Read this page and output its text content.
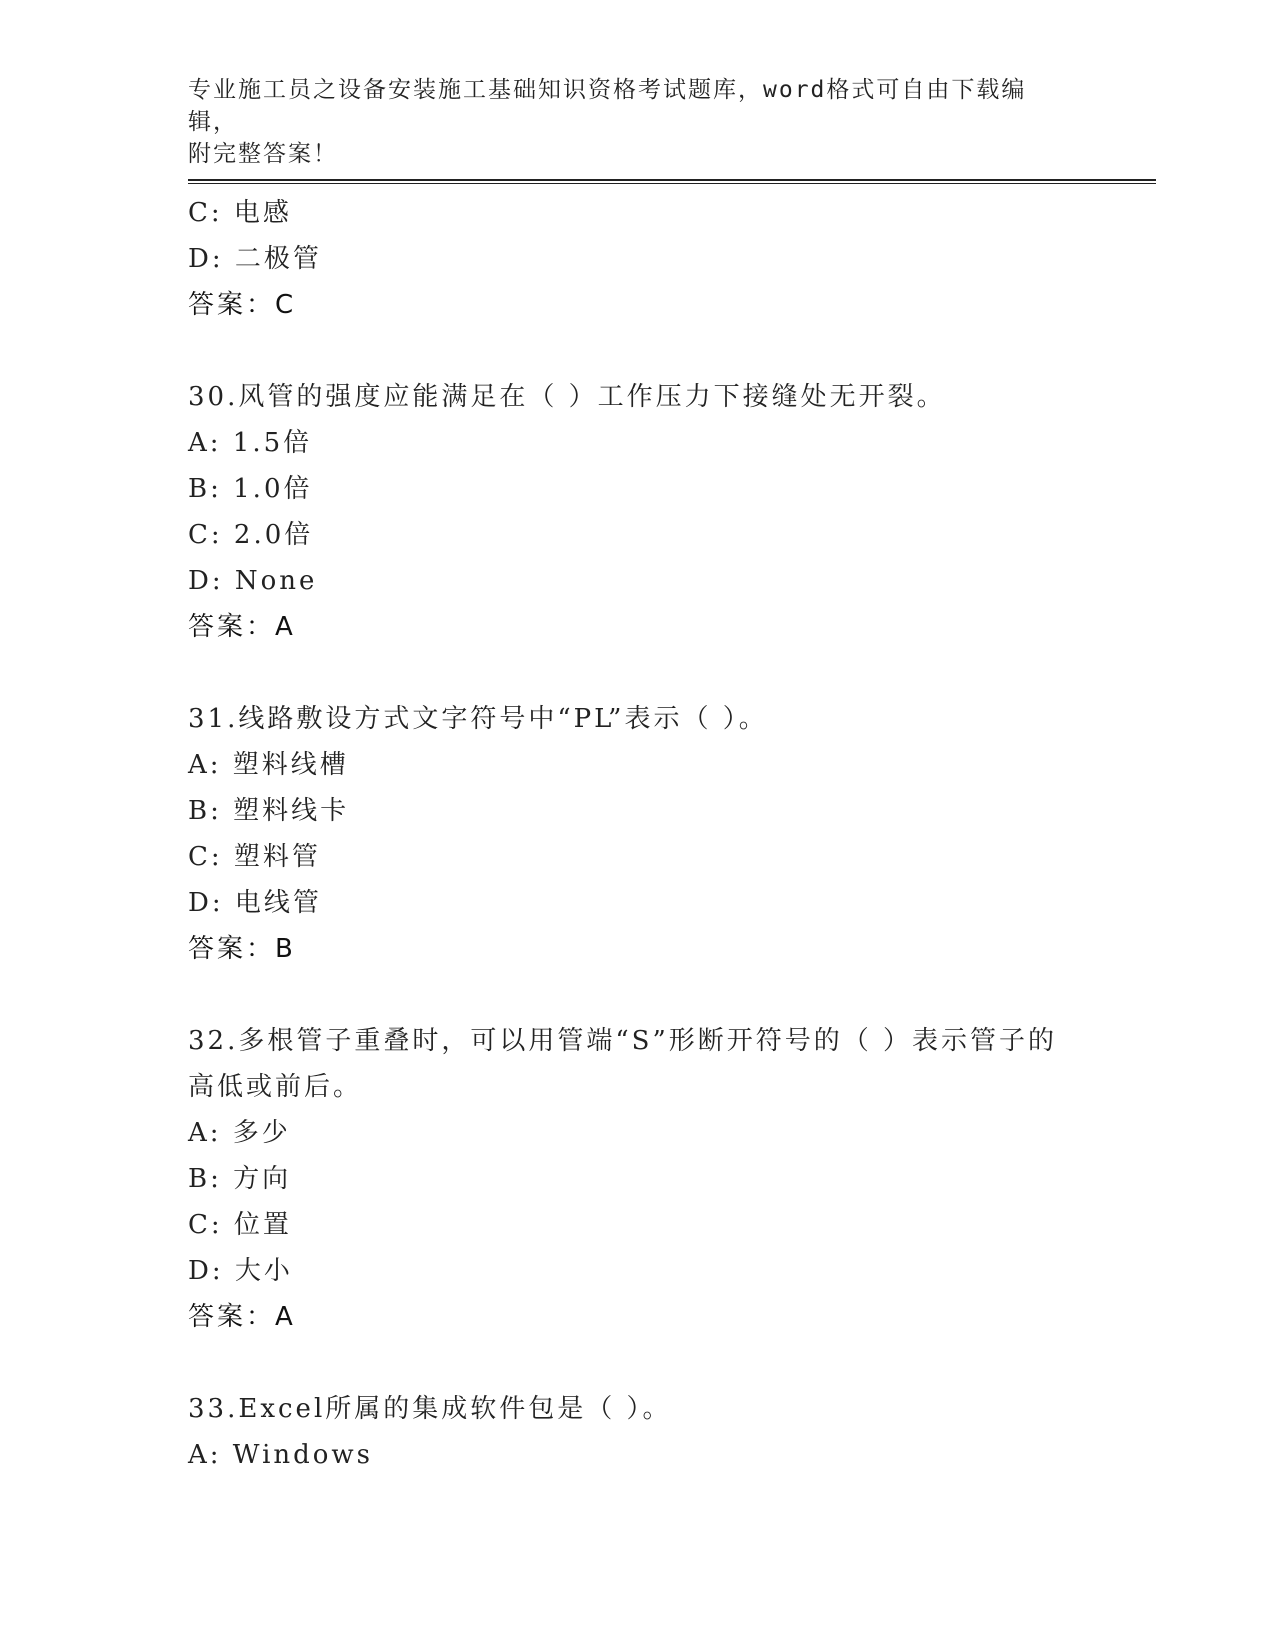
专业施工员之设备安装施工基础知识资格考试题库，word格式可自由下载编辑，
附完整答案！
C: 电感
D: 二极管
答案：C
30.风管的强度应能满足在（ ）工作压力下接缝处无开裂。
A: 1.5倍
B: 1.0倍
C: 2.0倍
D: None
答案：A
31.线路敷设方式文字符号中“PL”表示（ ）。
A: 塑料线槽
B: 塑料线卡
C: 塑料管
D: 电线管
答案：B
32.多根管子重叠时，可以用管端“S”形断开符号的（ ）表示管子的
高低或前后。
A: 多少
B: 方向
C: 位置
D: 大小
答案：A
33.Excel所属的集成软件包是（ ）。
A: Windows
